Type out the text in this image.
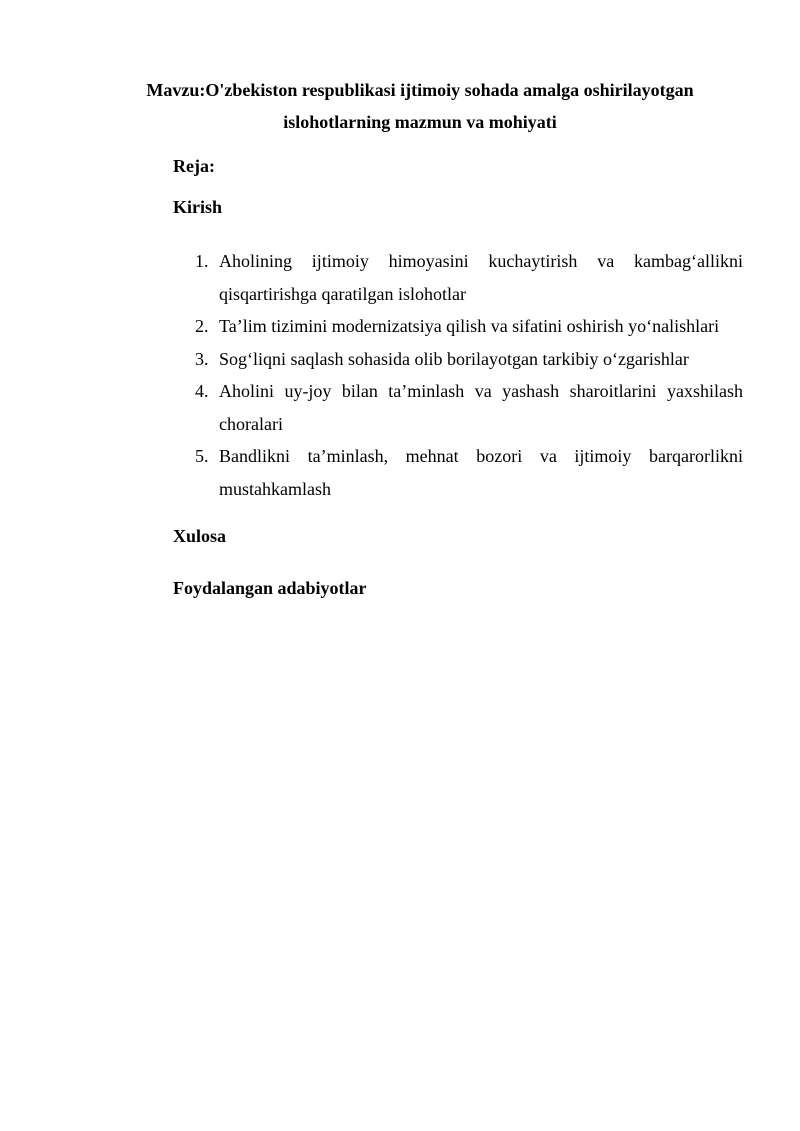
Mavzu:O'zbekiston respublikasi ijtimoiy sohada amalga oshirilayotgan islohotlarning mazmun va mohiyati
Reja:
Kirish
1. Aholining ijtimoiy himoyasini kuchaytirish va kambag‘allikni qisqartirishga qaratilgan islohotlar
2. Ta’lim tizimini modernizatsiya qilish va sifatini oshirish yo‘nalishlari
3. Sog‘liqni saqlash sohasida olib borilayotgan tarkibiy o‘zgarishlar
4. Aholini uy-joy bilan ta’minlash va yashash sharoitlarini yaxshilash choralari
5. Bandlikni ta’minlash, mehnat bozori va ijtimoiy barqarorlikni mustahkamlash
Xulosa
Foydalangan adabiyotlar
